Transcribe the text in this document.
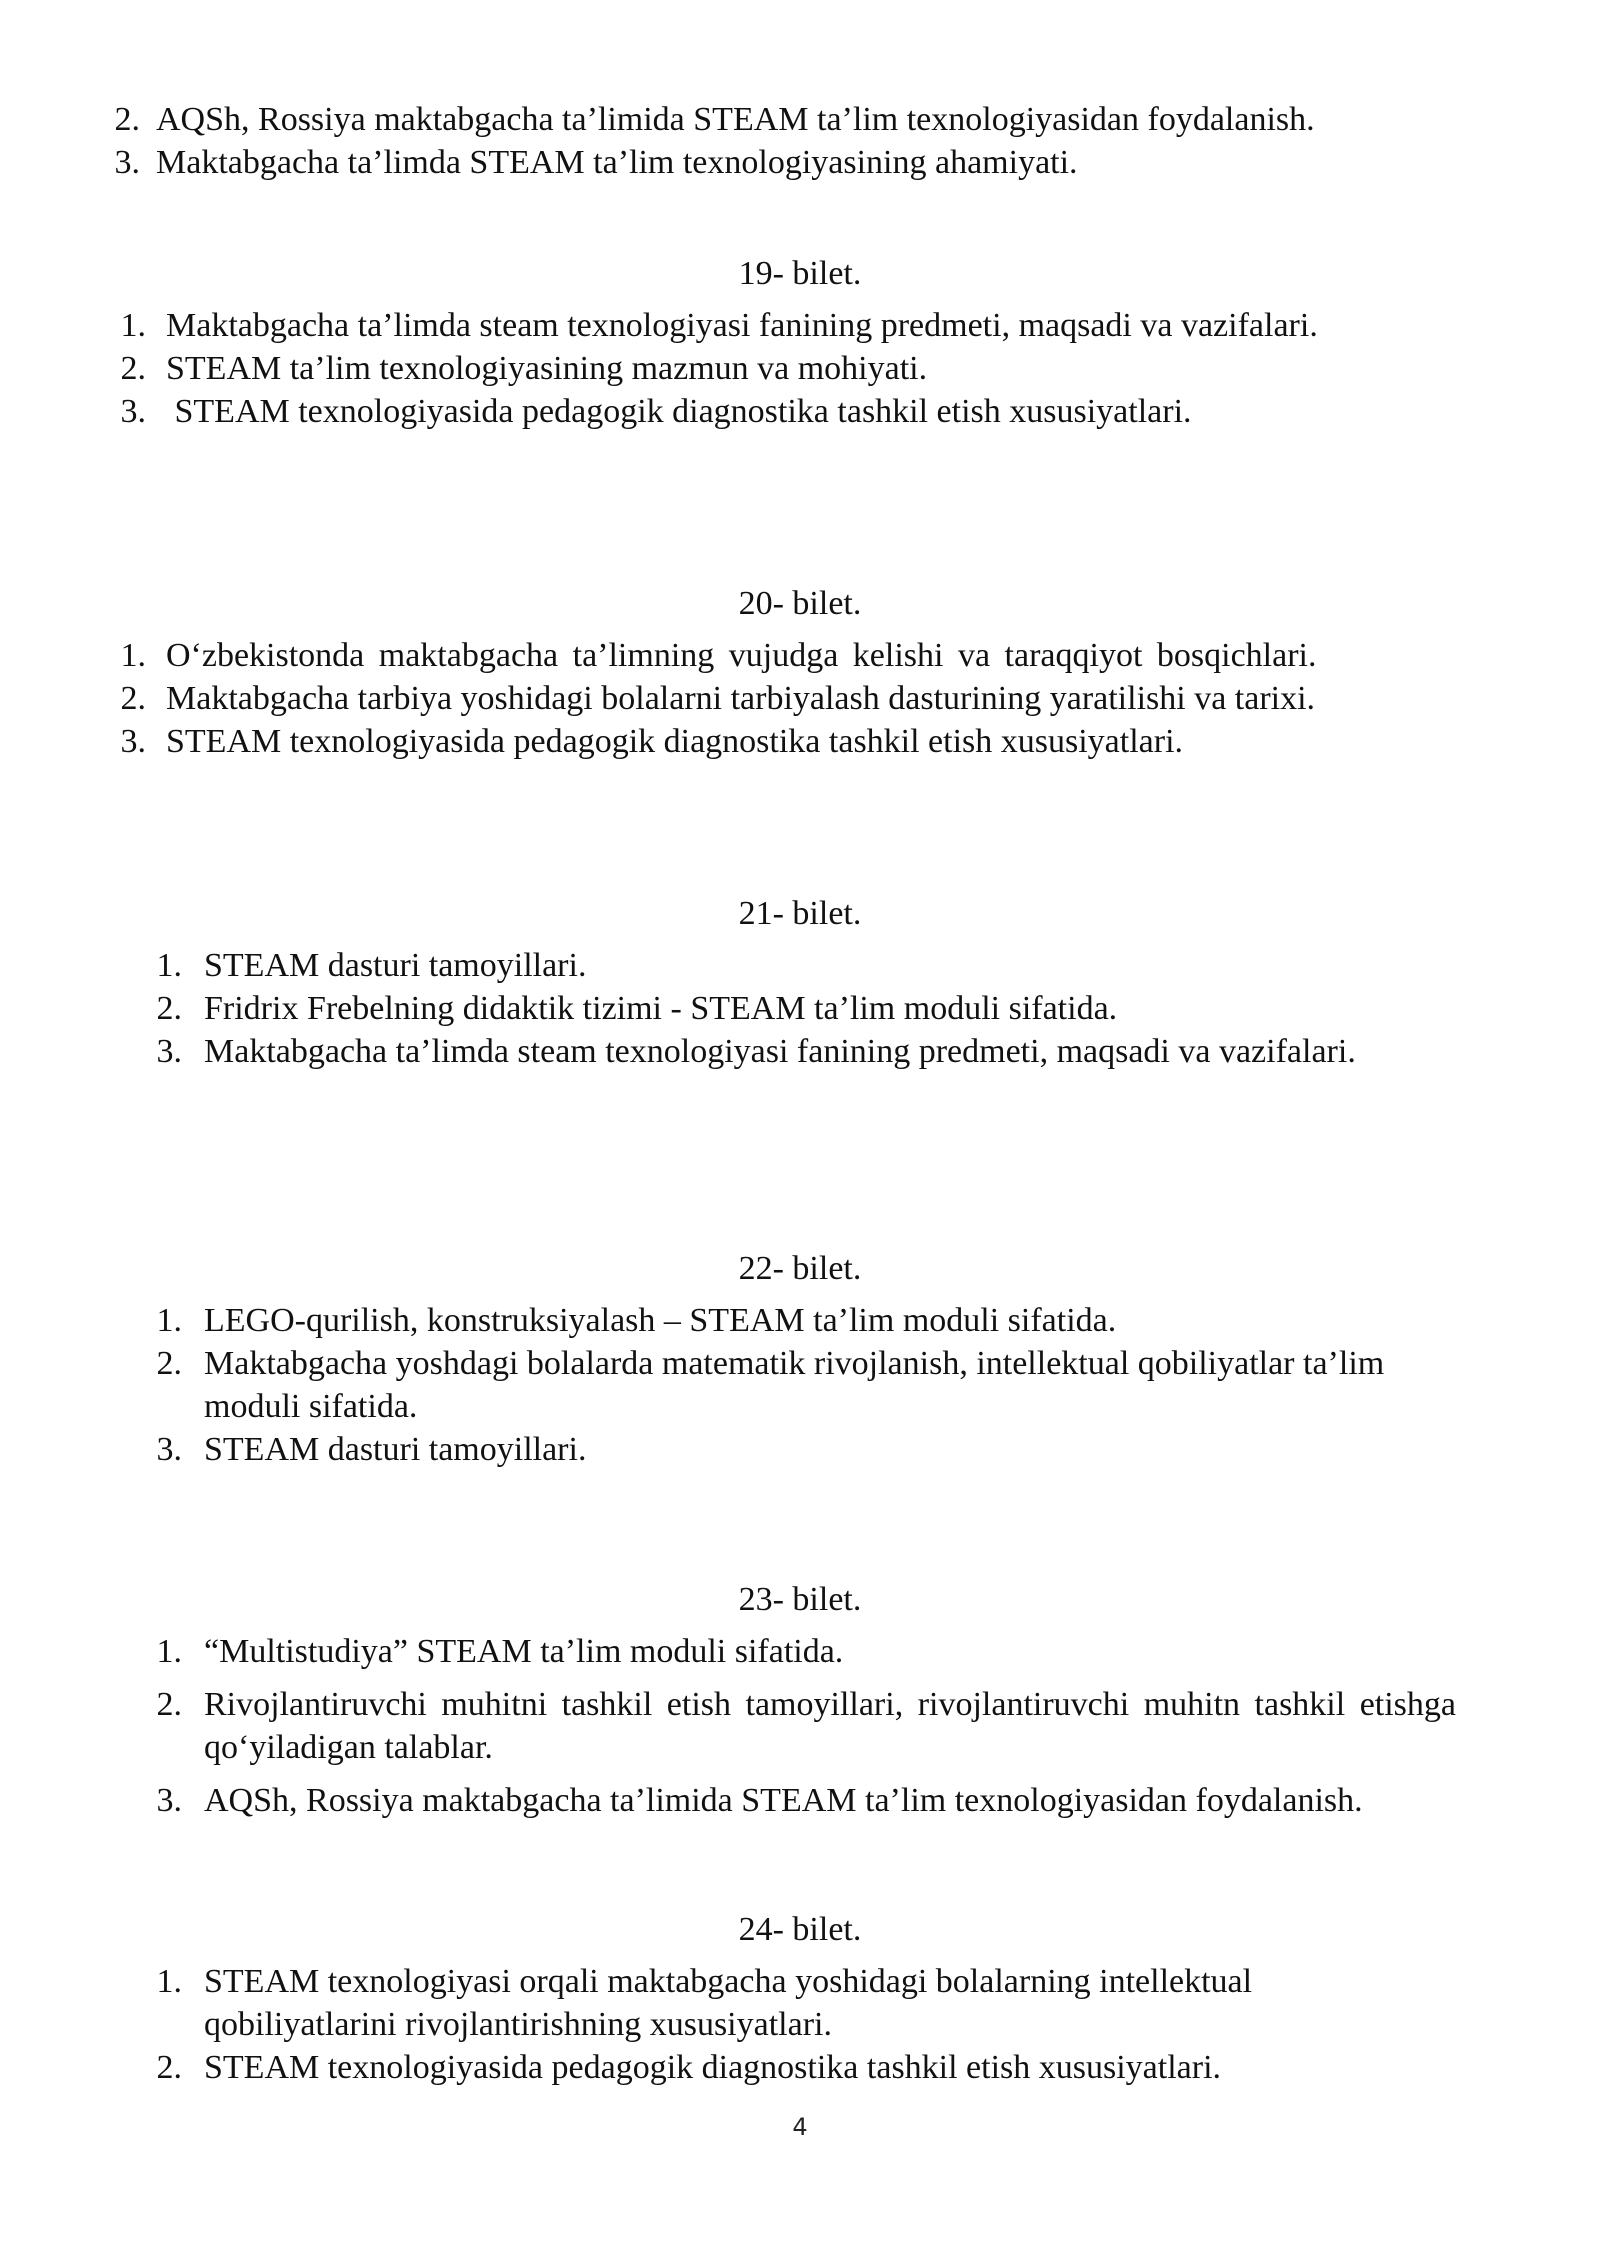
2. AQSh, Rossiya maktabgacha ta’limida STEAM ta’lim texnologiyasidan foydalanish.
3. Maktabgacha ta’limda STEAM ta’lim texnologiyasining ahamiyati.

19- bilet.

1. Maktabgacha ta’limda steam texnologiyasi fanining predmeti, maqsadi va vazifalari.
2. STEAM ta’lim texnologiyasining mazmun va mohiyati.
3. STEAM texnologiyasida pedagogik diagnostika tashkil etish xususiyatlari.

20- bilet.

1. O‘zbekistonda maktabgacha ta’limning vujudga kelishi va taraqqiyot bosqichlari.
2. Maktabgacha tarbiya yoshidagi bolalarni tarbiyalash dasturining yaratilishi va tarixi.
3. STEAM texnologiyasida pedagogik diagnostika tashkil etish xususiyatlari.

21- bilet.

1. STEAM dasturi tamoyillari.
2. Fridrix Frebelning didaktik tizimi - STEAM ta’lim moduli sifatida.
3. Maktabgacha ta’limda steam texnologiyasi fanining predmeti, maqsadi va vazifalari.

22- bilet.

1. LEGO-qurilish, konstruksiyalash – STEAM ta’lim moduli sifatida.
2. Maktabgacha yoshdagi bolalarda matematik rivojlanish, intellektual qobiliyatlar ta’lim moduli sifatida.
3. STEAM dasturi tamoyillari.

23- bilet.

1. “Multistudiya” STEAM ta’lim moduli sifatida.
2. Rivojlantiruvchi muhitni tashkil etish tamoyillari, rivojlantiruvchi muhitn tashkil etishga qo‘yiladigan talablar.
3. AQSh, Rossiya maktabgacha ta’limida STEAM ta’lim texnologiyasidan foydalanish.

24- bilet.

1. STEAM texnologiyasi orqali maktabgacha yoshidagi bolalarning intellektual qobiliyatlarini rivojlantirishning xususiyatlari.
2. STEAM texnologiyasida pedagogik diagnostika tashkil etish xususiyatlari.
4
